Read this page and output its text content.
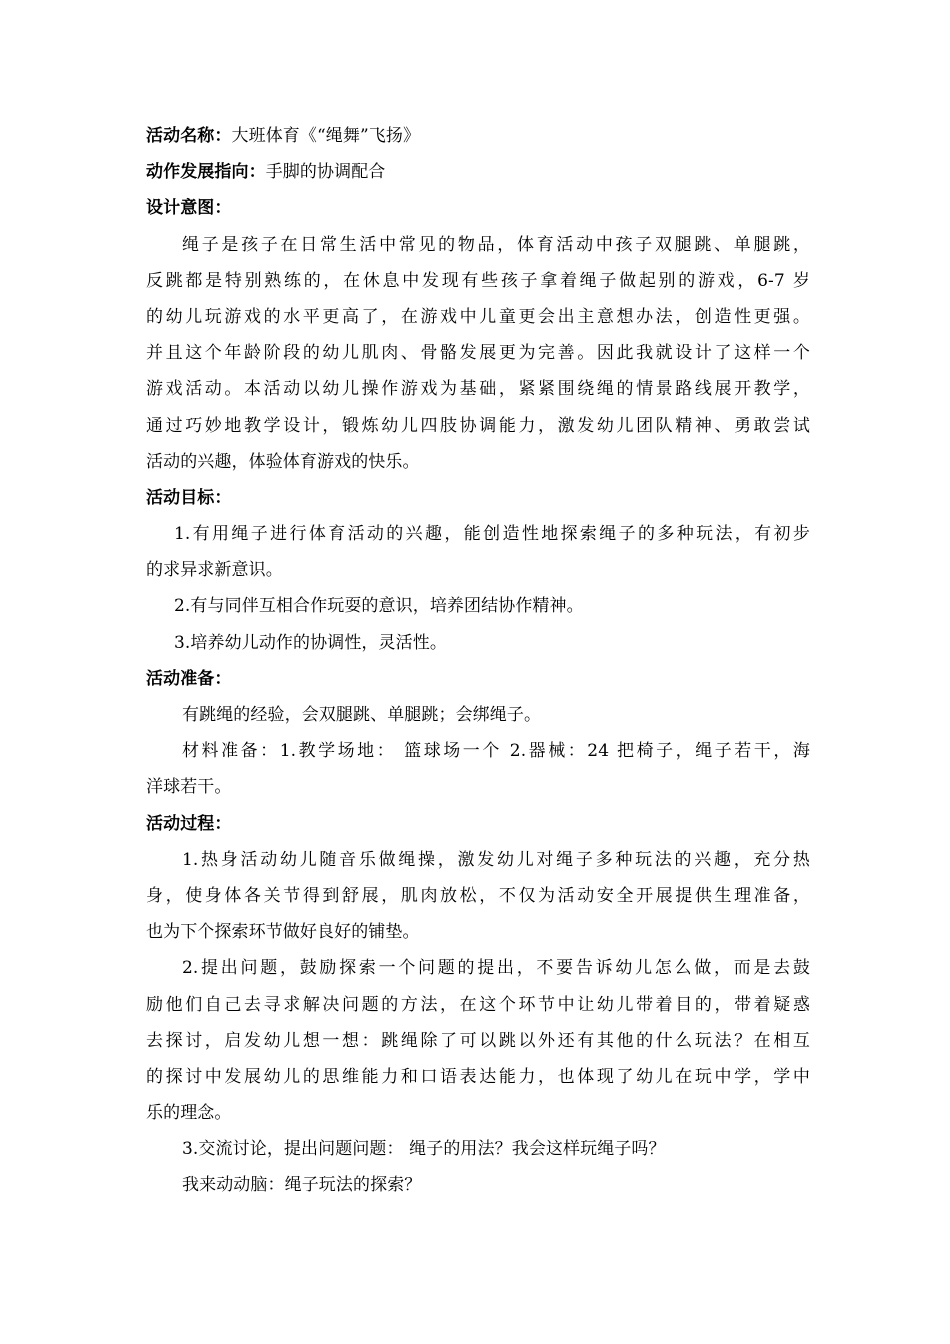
活动名称：大班体育《“绳舞”飞扬》
动作发展指向：手脚的协调配合
设计意图：
绳子是孩子在日常生活中常见的物品，体育活动中孩子双腿跳、单腿跳，
反跳都是特别熟练的，在休息中发现有些孩子拿着绳子做起别的游戏，6-7 岁
的幼儿玩游戏的水平更高了，在游戏中儿童更会出主意想办法，创造性更强。
并且这个年龄阶段的幼儿肌肉、骨骼发展更为完善。因此我就设计了这样一个
游戏活动。本活动以幼儿操作游戏为基础，紧紧围绕绳的情景路线展开教学，
通过巧妙地教学设计，锻炼幼儿四肢协调能力，激发幼儿团队精神、勇敢尝试
活动的兴趣，体验体育游戏的快乐。
活动目标：
1.有用绳子进行体育活动的兴趣，能创造性地探索绳子的多种玩法，有初步
的求异求新意识。
2.有与同伴互相合作玩耍的意识，培养团结协作精神。
3.培养幼儿动作的协调性，灵活性。
活动准备：
有跳绳的经验，会双腿跳、单腿跳；会绑绳子。
材料准备：1.教学场地： 篮球场一个 2.器械：24 把椅子，绳子若干，海
洋球若干。
活动过程：
1.热身活动幼儿随音乐做绳操，激发幼儿对绳子多种玩法的兴趣，充分热
身，使身体各关节得到舒展，肌肉放松，不仅为活动安全开展提供生理准备，
也为下个探索环节做好良好的铺垫。
2.提出问题，鼓励探索一个问题的提出，不要告诉幼儿怎么做，而是去鼓
励他们自己去寻求解决问题的方法，在这个环节中让幼儿带着目的，带着疑惑
去探讨，启发幼儿想一想：跳绳除了可以跳以外还有其他的什么玩法？在相互
的探讨中发展幼儿的思维能力和口语表达能力，也体现了幼儿在玩中学，学中
乐的理念。
3.交流讨论，提出问题问题： 绳子的用法？我会这样玩绳子吗？
我来动动脑：绳子玩法的探索？
